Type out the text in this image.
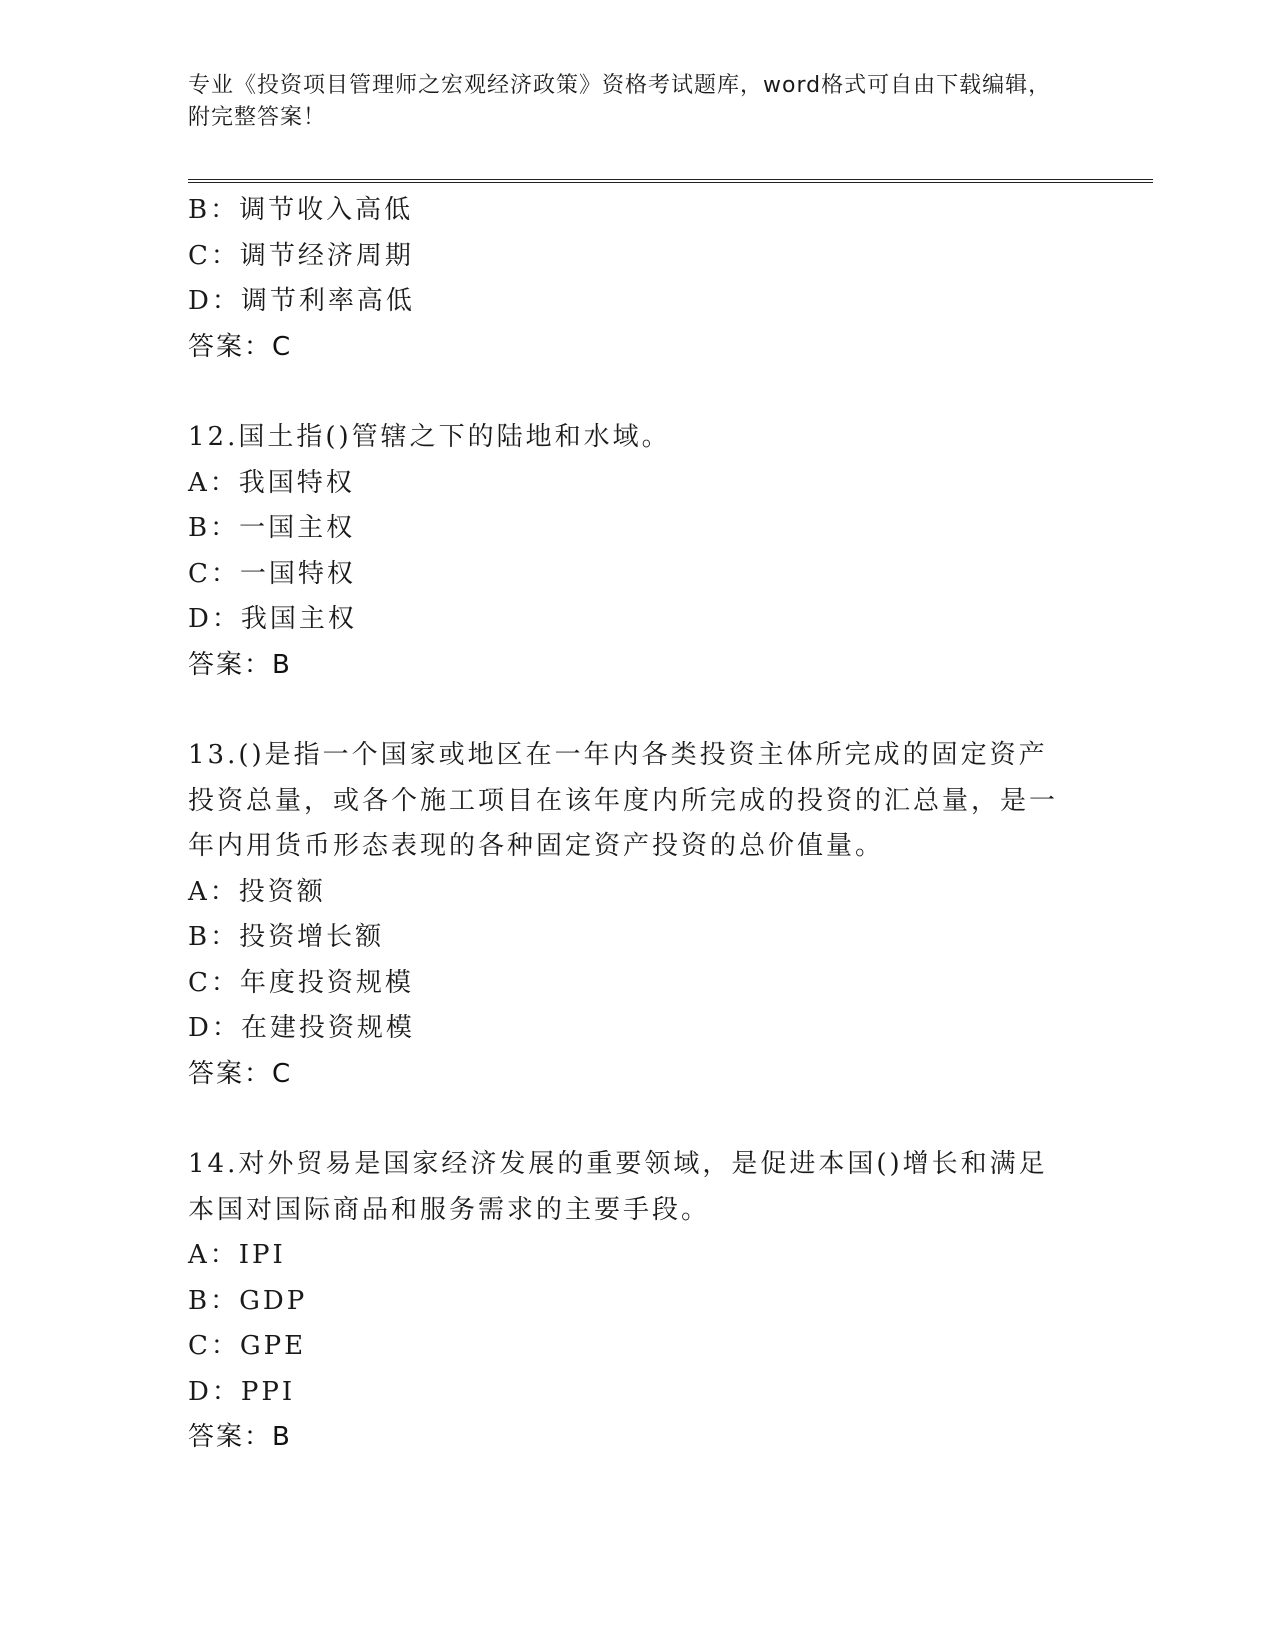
专业《投资项目管理师之宏观经济政策》资格考试题库，word格式可自由下载编辑，附完整答案！
B：调节收入高低
C：调节经济周期
D：调节利率高低
答案：C
12.国土指()管辖之下的陆地和水域。
A：我国特权
B：一国主权
C：一国特权
D：我国主权
答案：B
13.()是指一个国家或地区在一年内各类投资主体所完成的固定资产投资总量，或各个施工项目在该年度内所完成的投资的汇总量，是一年内用货币形态表现的各种固定资产投资的总价值量。
A：投资额
B：投资增长额
C：年度投资规模
D：在建投资规模
答案：C
14.对外贸易是国家经济发展的重要领域，是促进本国()增长和满足本国对国际商品和服务需求的主要手段。
A：IPI
B：GDP
C：GPE
D：PPI
答案：B
